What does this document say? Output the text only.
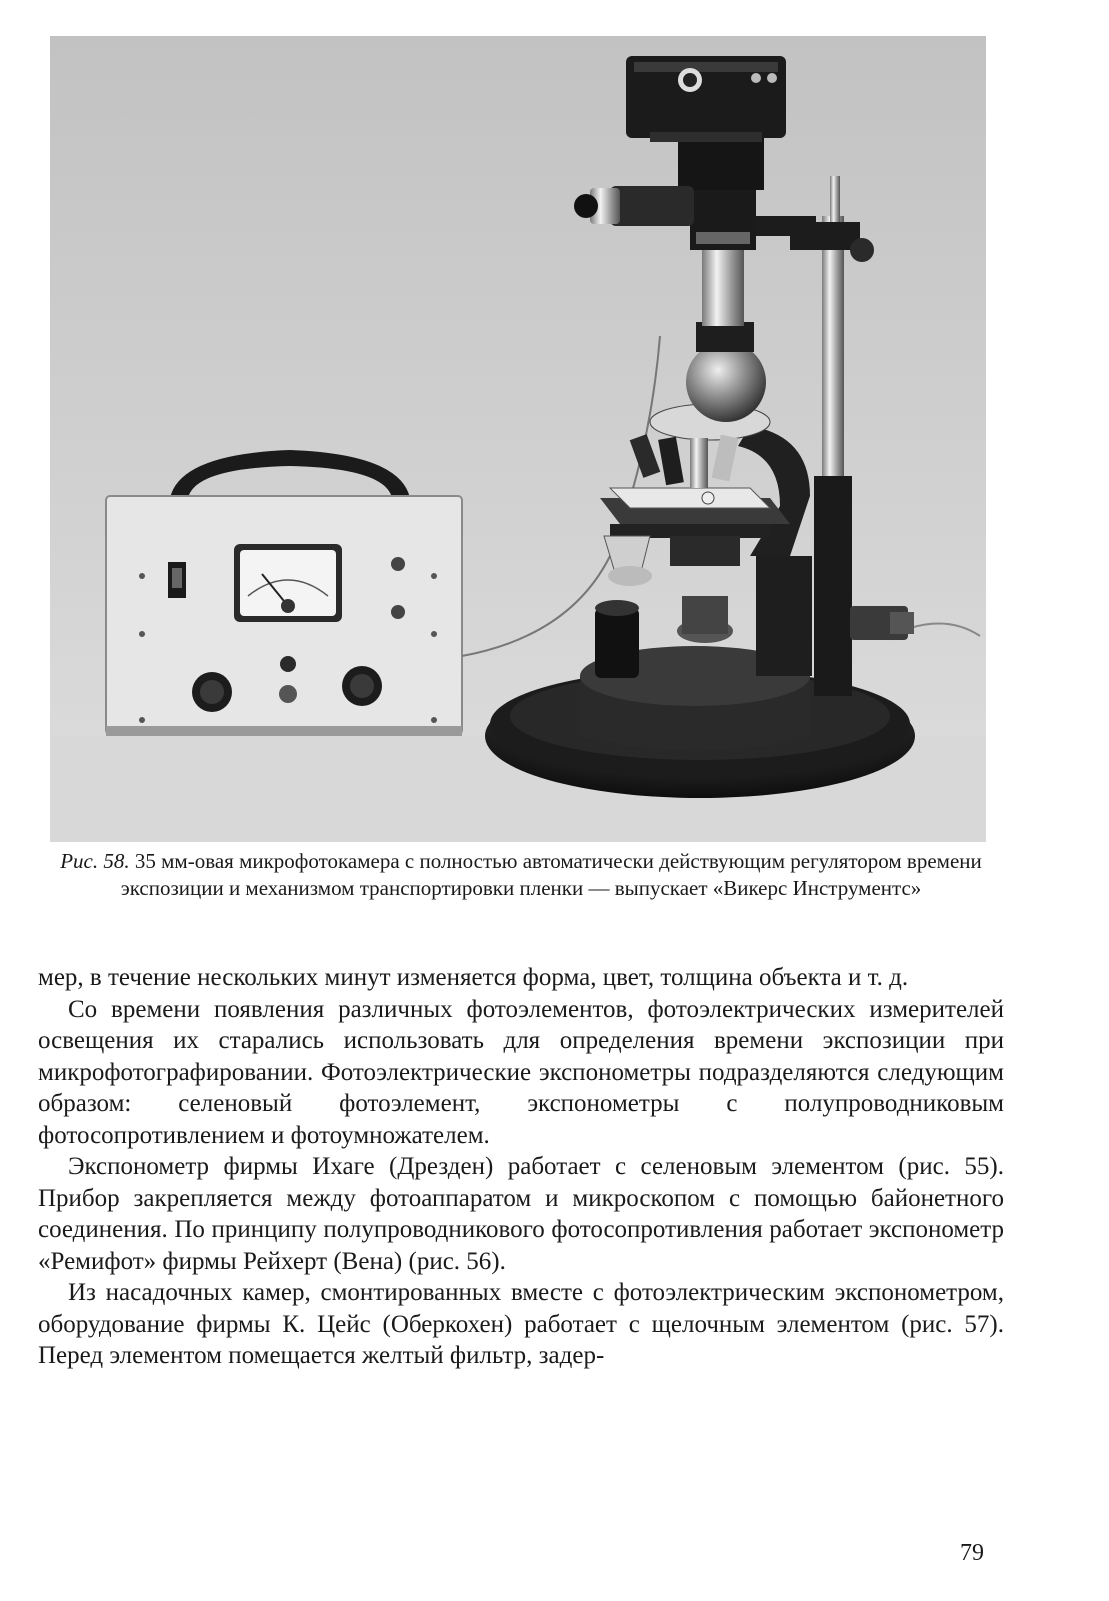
Рис. 58. 35 мм-овая микрофотокамера с полностью автоматически действующим регулятором времени экспозиции и механизмом транспортировки пленки — выпускает «Викерс Инструментс»

мер, в течение нескольких минут изменяется форма, цвет, толщина объекта и т. д.

Со времени появления различных фотоэлементов, фотоэлектрических измерителей освещения их старались использовать для определения времени экспозиции при микрофотографировании. Фотоэлектрические экспонометры подразделяются следующим образом: селеновый фотоэлемент, экспонометры с полупроводниковым фотосопротивлением и фотоумножателем.

Экспонометр фирмы Ихаге (Дрезден) работает с селеновым элементом (рис. 55). Прибор закрепляется между фотоаппаратом и микроскопом с помощью байонетного соединения. По принципу полупроводникового фотосопротивления работает экспонометр «Ремифот» фирмы Рейхерт (Вена) (рис. 56).

Из насадочных камер, смонтированных вместе с фотоэлектрическим экспонометром, оборудование фирмы К. Цейс (Оберкохен) работает с щелочным элементом (рис. 57). Перед элементом помещается желтый фильтр, задер-

79
